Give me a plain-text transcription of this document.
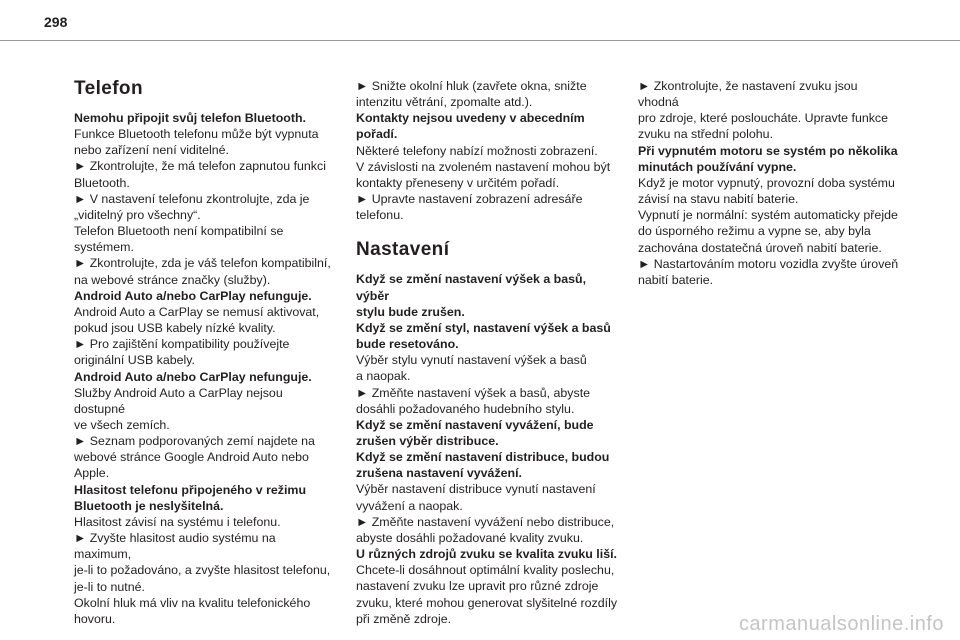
298
Telefon

Nemohu připojit svůj telefon Bluetooth.

Funkce Bluetooth telefonu může být vypnuta
nebo zařízení není viditelné.

► Zkontrolujte, že má telefon zapnutou funkci
Bluetooth.

► V nastavení telefonu zkontrolujte, zda je
„viditelný pro všechny“.

Telefon Bluetooth není kompatibilní se
systémem.

► Zkontrolujte, zda je váš telefon kompatibilní,
na webové stránce značky (služby).

Android Auto a/nebo CarPlay nefunguje.

Android Auto a CarPlay se nemusí aktivovat,
pokud jsou USB kabely nízké kvality.

► Pro zajištění kompatibility používejte
originální USB kabely.

Android Auto a/nebo CarPlay nefunguje.

Služby Android Auto a CarPlay nejsou dostupné
ve všech zemích.

► Seznam podporovaných zemí najdete na
webové stránce Google Android Auto nebo
Apple.

Hlasitost telefonu připojeného v režimu
Bluetooth je neslyšitelná.

Hlasitost závisí na systému i telefonu.

► Zvyšte hlasitost audio systému na maximum,
je-li to požadováno, a zvyšte hlasitost telefonu,
je-li to nutné.

Okolní hluk má vliv na kvalitu telefonického
hovoru.

► Snižte okolní hluk (zavřete okna, snižte
intenzitu větrání, zpomalte atd.).

Kontakty nejsou uvedeny v abecedním
pořadí.

Některé telefony nabízí možnosti zobrazení.
V závislosti na zvoleném nastavení mohou být
kontakty přeneseny v určitém pořadí.

► Upravte nastavení zobrazení adresáře
telefonu.

Nastavení

Když se změní nastavení výšek a basů, výběr
stylu bude zrušen.

Když se změní styl, nastavení výšek a basů
bude resetováno.

Výběr stylu vynutí nastavení výšek a basů
a naopak.

► Změňte nastavení výšek a basů, abyste
dosáhli požadovaného hudebního stylu.

Když se změní nastavení vyvážení, bude
zrušen výběr distribuce.

Když se změní nastavení distribuce, budou
zrušena nastavení vyvážení.

Výběr nastavení distribuce vynutí nastavení
vyvážení a naopak.

► Změňte nastavení vyvážení nebo distribuce,
abyste dosáhli požadované kvality zvuku.

U různých zdrojů zvuku se kvalita zvuku liší.

Chcete-li dosáhnout optimální kvality poslechu,
nastavení zvuku lze upravit pro různé zdroje
zvuku, které mohou generovat slyšitelné rozdíly
při změně zdroje.

► Zkontrolujte, že nastavení zvuku jsou vhodná
pro zdroje, které posloucháte. Upravte funkce
zvuku na střední polohu.

Při vypnutém motoru se systém po několika
minutách používání vypne.

Když je motor vypnutý, provozní doba systému
závisí na stavu nabití baterie.

Vypnutí je normální: systém automaticky přejde
do úsporného režimu a vypne se, aby byla
zachována dostatečná úroveň nabití baterie.

► Nastartováním motoru vozidla zvyšte úroveň
nabití baterie.

carmanualsonline.info
